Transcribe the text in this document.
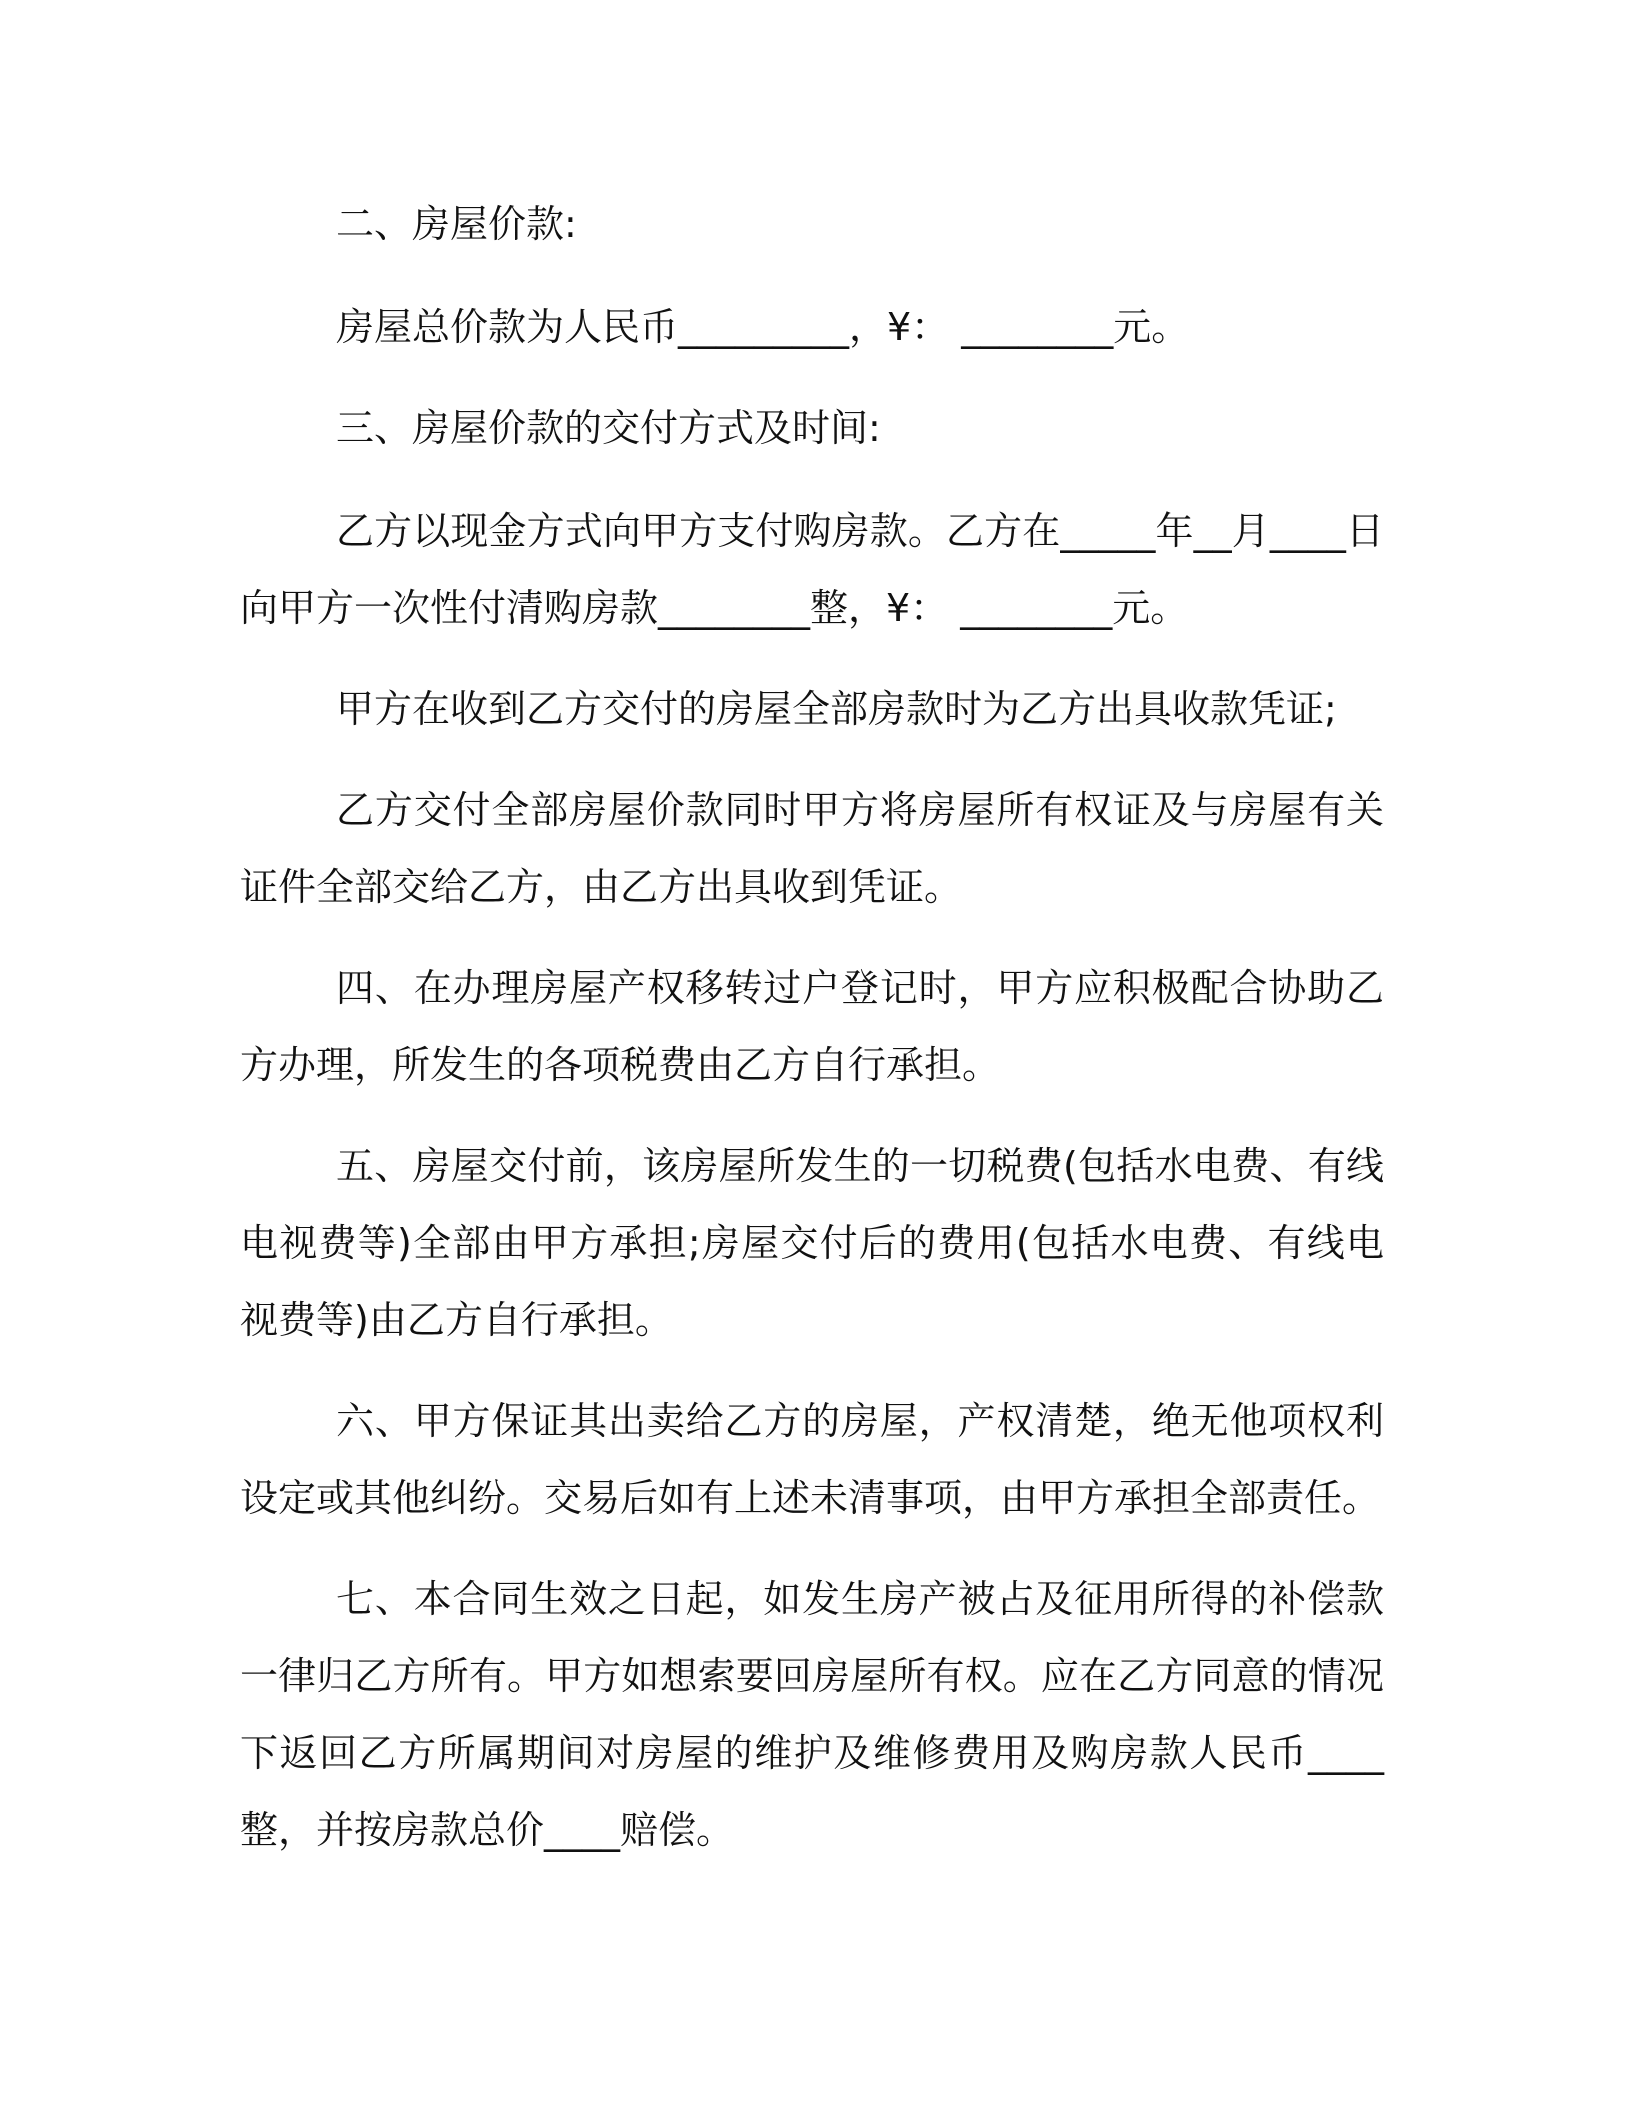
二、房屋价款:

房屋总价款为人民币_________，¥： ________元。

三、房屋价款的交付方式及时间:

乙方以现金方式向甲方支付购房款。乙方在_____年__月____日向甲方一次性付清购房款________整，¥： ________元。

甲方在收到乙方交付的房屋全部房款时为乙方出具收款凭证;

乙方交付全部房屋价款同时甲方将房屋所有权证及与房屋有关证件全部交给乙方，由乙方出具收到凭证。

四、在办理房屋产权移转过户登记时，甲方应积极配合协助乙方办理，所发生的各项税费由乙方自行承担。

五、房屋交付前，该房屋所发生的一切税费(包括水电费、有线电视费等)全部由甲方承担;房屋交付后的费用(包括水电费、有线电视费等)由乙方自行承担。

六、甲方保证其出卖给乙方的房屋，产权清楚，绝无他项权利设定或其他纠纷。交易后如有上述未清事项，由甲方承担全部责任。

七、本合同生效之日起，如发生房产被占及征用所得的补偿款一律归乙方所有。甲方如想索要回房屋所有权。应在乙方同意的情况下返回乙方所属期间对房屋的维护及维修费用及购房款人民币____整，并按房款总价____赔偿。
